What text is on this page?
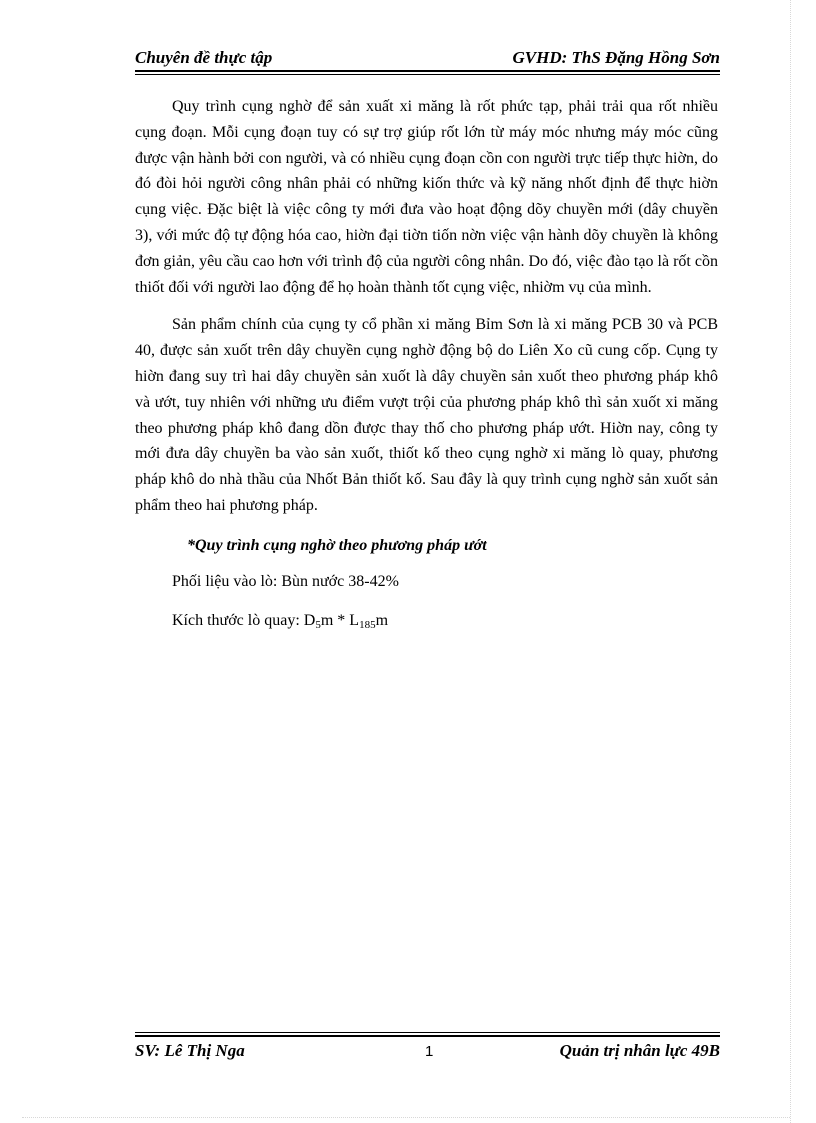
Chuyên đề thực tập	GVHD: ThS Đặng Hồng Sơn

Quy trình cụng nghờ để sản xuất xi măng là rốt phức tạp, phải trải qua rốt nhiều cụng đoạn. Mỗi cụng đoạn tuy có sự trợ giúp rốt lớn từ máy móc nhưng máy móc cũng được vận hành bởi con người, và có nhiều cụng đoạn cồn con người trực tiếp thực hiờn, do đó đòi hỏi người công nhân phải có những kiốn thức và kỹ năng nhốt định để thực hiờn cụng việc. Đặc biệt là việc công ty mới đưa vào hoạt động dõy chuyền mới (dây chuyền 3), với mức độ tự động hóa cao, hiờn đại tiờn tiốn nờn việc vận hành dõy chuyền là không đơn giản, yêu cầu cao hơn với trình độ của người công nhân. Do đó, việc đào tạo là rốt cồn thiốt đối với người lao động để họ hoàn thành tốt cụng việc, nhiờm vụ của mình.

Sản phẩm chính của cụng ty cổ phần xi măng Bỉm Sơn là xi măng PCB 30 và PCB 40, được sản xuốt trên dây chuyền cụng nghờ động bộ do Liên Xo cũ cung cốp. Cụng ty hiờn đang suy trì hai dây chuyền sản xuốt là dây chuyền sản xuốt theo phương pháp khô và ướt, tuy nhiên với những ưu điểm vượt trội của phương pháp khô thì sản xuốt xi măng theo phương pháp khô đang dồn được thay thố cho phương pháp ướt. Hiờn nay, công ty mới đưa dây chuyền ba vào sản xuốt, thiốt kố theo cụng nghờ xi măng lò quay, phương pháp khô do nhà thầu của Nhốt Bản thiốt kố. Sau đây là quy trình cụng nghờ sản xuốt sản phẩm theo hai phương pháp.

*Quy trình cụng nghờ theo phương pháp ướt

Phối liệu vào lò: Bùn nước 38-42%

Kích thước lò quay: $D_5m * L_{185}m$

SV: Lê Thị Nga	1	Quản trị nhân lực 49B
